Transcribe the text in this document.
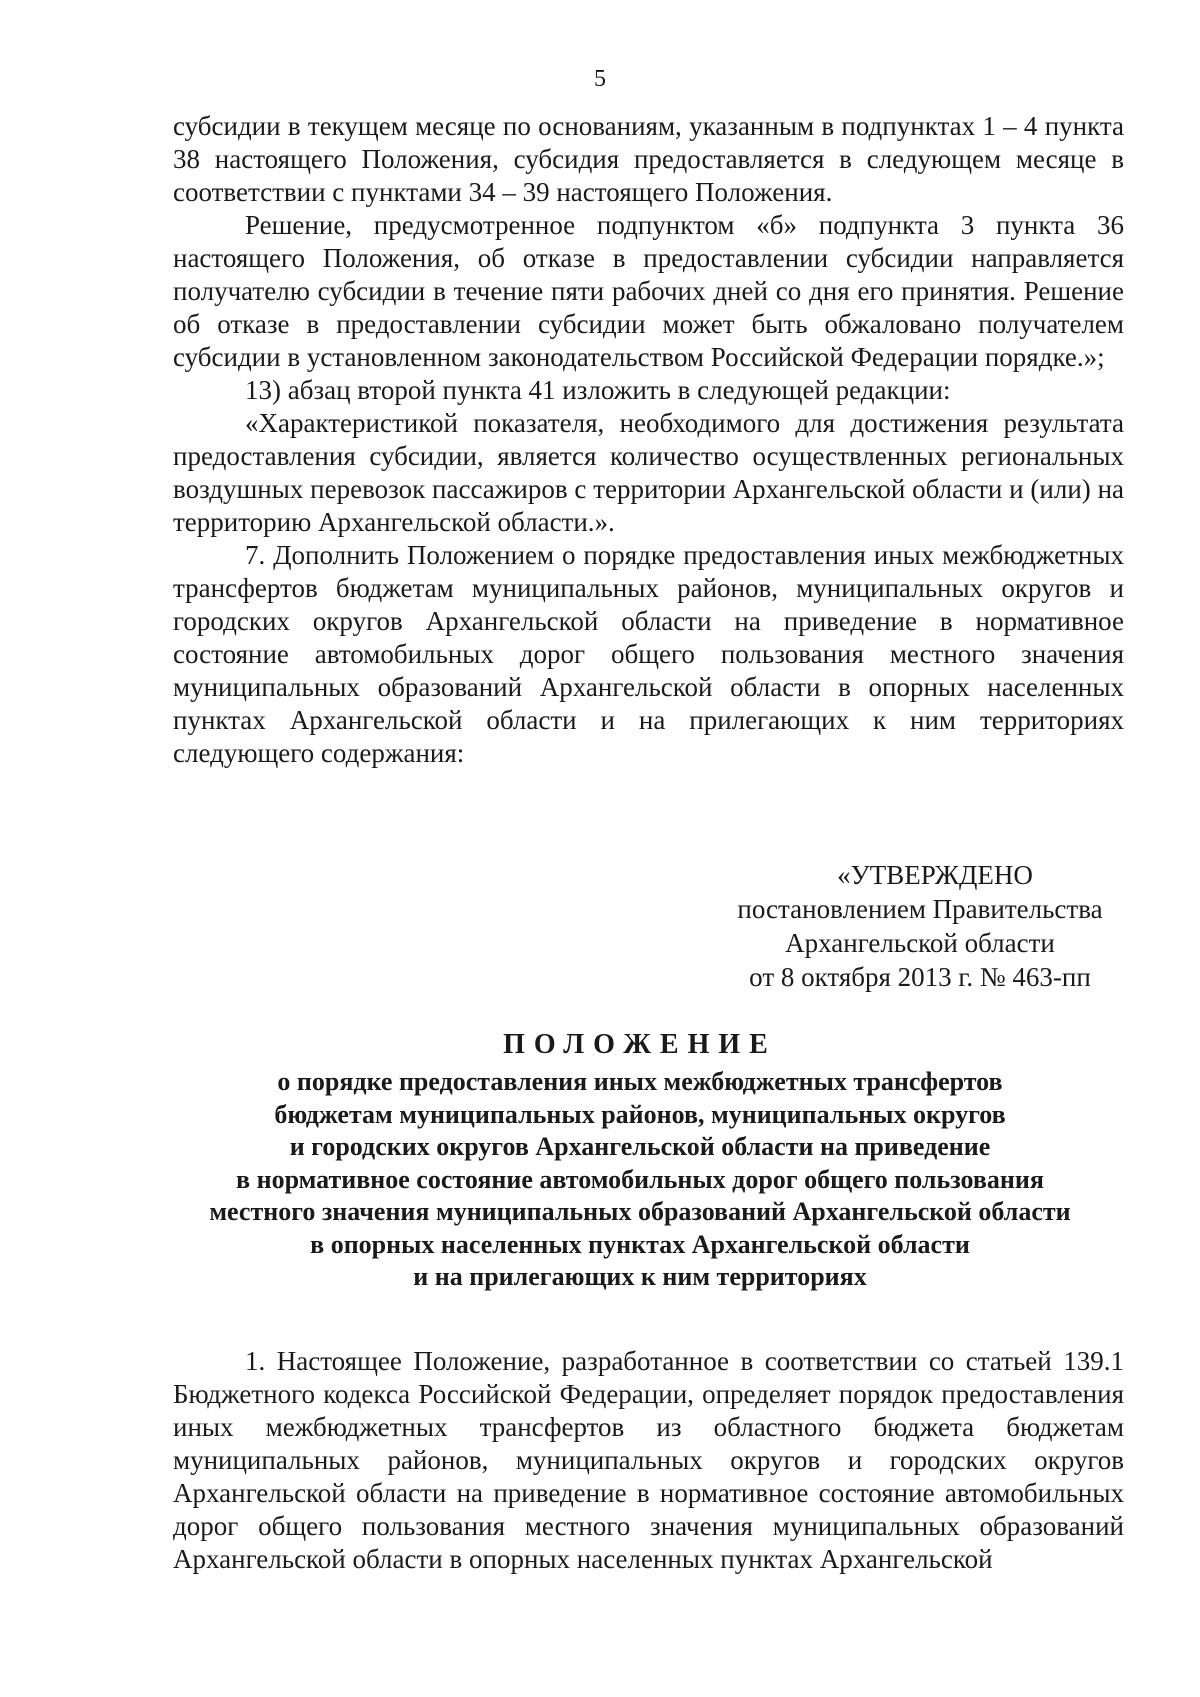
5

субсидии в текущем месяце по основаниям, указанным в подпунктах 1 – 4 пункта 38 настоящего Положения, субсидия предоставляется в следующем месяце в соответствии с пунктами 34 – 39 настоящего Положения.

Решение, предусмотренное подпунктом «б» подпункта 3 пункта 36 настоящего Положения, об отказе в предоставлении субсидии направляется получателю субсидии в течение пяти рабочих дней со дня его принятия. Решение об отказе в предоставлении субсидии может быть обжаловано получателем субсидии в установленном законодательством Российской Федерации порядке.»;

13) абзац второй пункта 41 изложить в следующей редакции:

«Характеристикой показателя, необходимого для достижения результата предоставления субсидии, является количество осуществленных региональных воздушных перевозок пассажиров с территории Архангельской области и (или) на территорию Архангельской области.».

7. Дополнить Положением о порядке предоставления иных межбюджетных трансфертов бюджетам муниципальных районов, муниципальных округов и городских округов Архангельской области на приведение в нормативное состояние автомобильных дорог общего пользования местного значения муниципальных образований Архангельской области в опорных населенных пунктах Архангельской области и на прилегающих к ним территориях следующего содержания:

«УТВЕРЖДЕНО
постановлением Правительства
Архангельской области
от 8 октября 2013 г. № 463-пп
ПОЛОЖЕНИЕ
о порядке предоставления иных межбюджетных трансфертов
бюджетам муниципальных районов, муниципальных округов
и городских округов Архангельской области на приведение
в нормативное состояние автомобильных дорог общего пользования
местного значения муниципальных образований Архангельской области
в опорных населенных пунктах Архангельской области
и на прилегающих к ним территориях

1. Настоящее Положение, разработанное в соответствии со статьей 139.1 Бюджетного кодекса Российской Федерации, определяет порядок предоставления иных межбюджетных трансфертов из областного бюджета бюджетам муниципальных районов, муниципальных округов и городских округов Архангельской области на приведение в нормативное состояние автомобильных дорог общего пользования местного значения муниципальных образований Архангельской области в опорных населенных пунктах Архангельской
